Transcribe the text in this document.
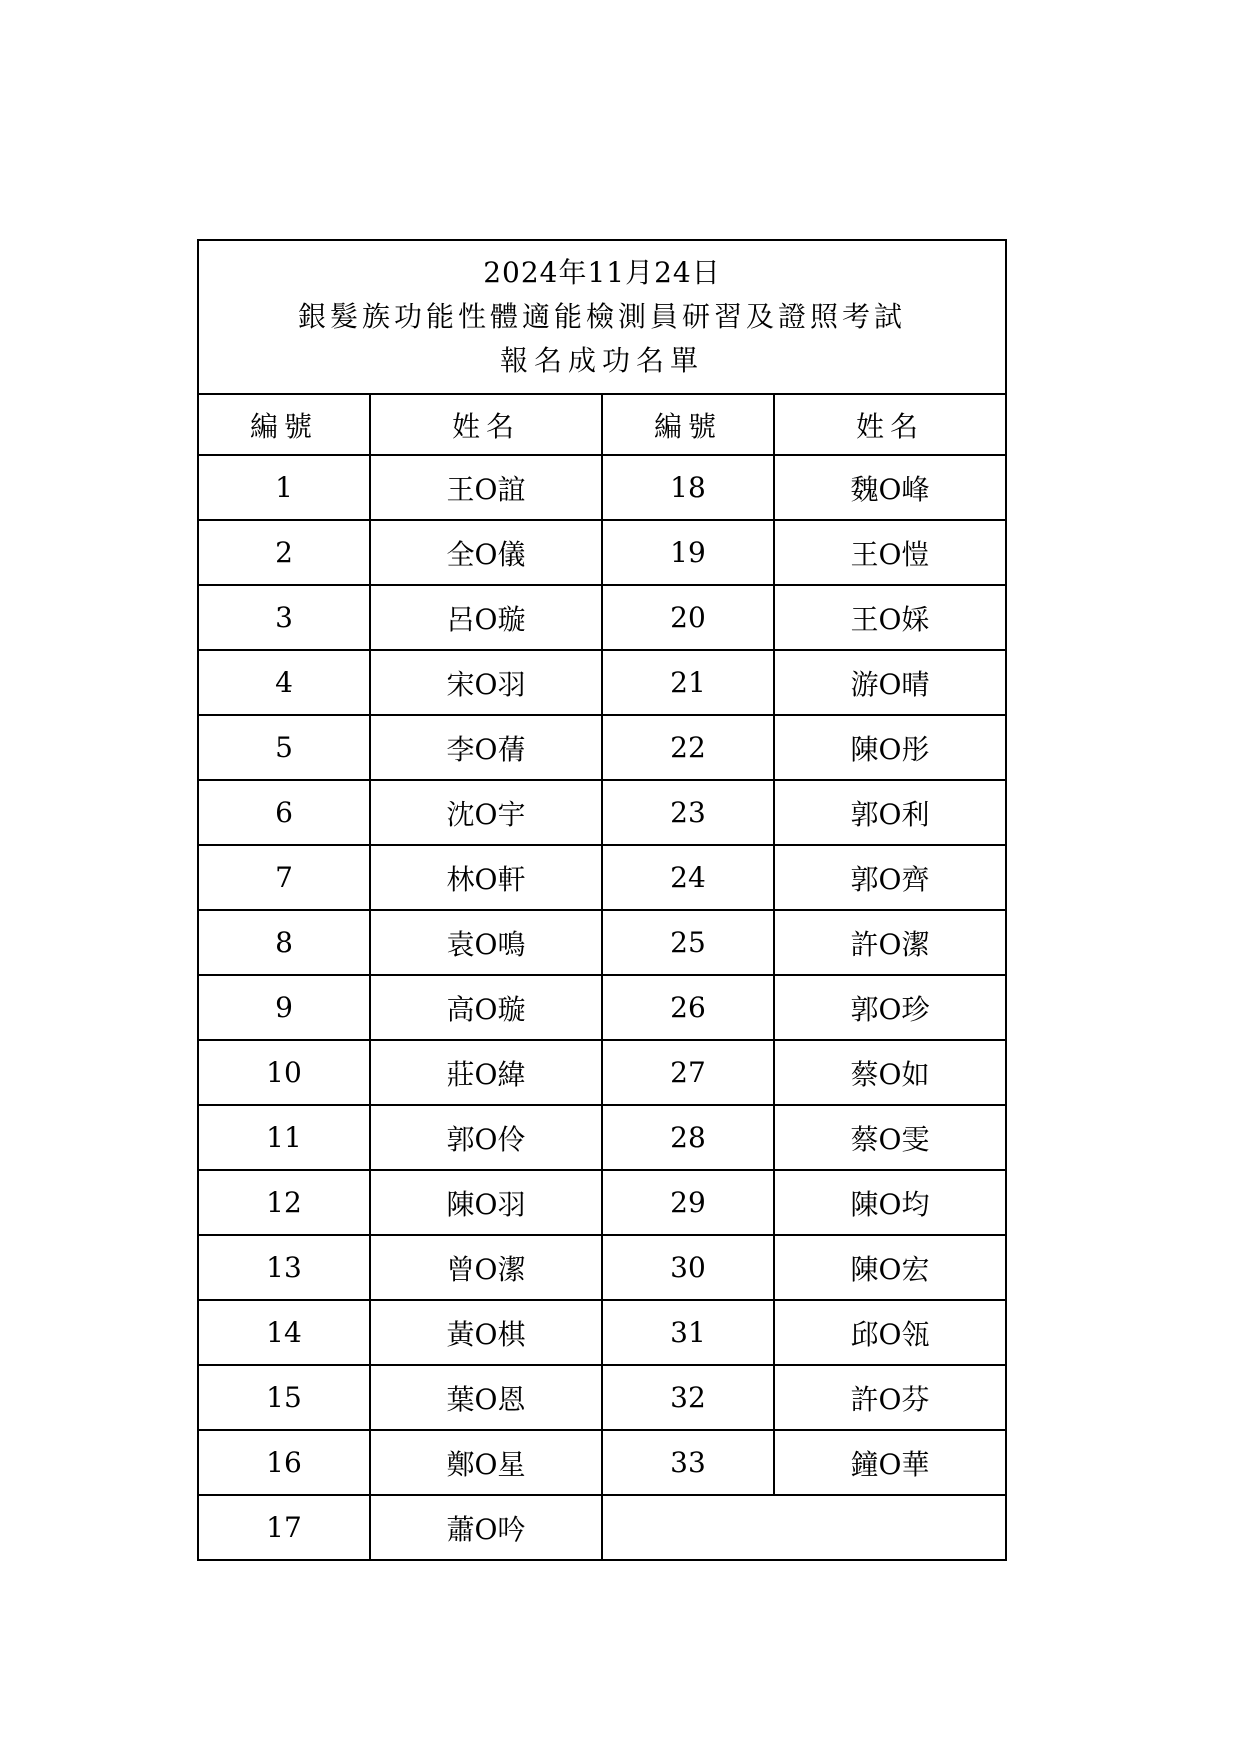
2024年11月24日
銀髮族功能性體適能檢測員研習及證照考試
報名成功名單			

編號	姓名	編號	姓名
1	王O誼	18	魏O峰
2	全O儀	19	王O愷
3	呂O璇	20	王O婇
4	宋O羽	21	游O晴
5	李O蒨	22	陳O彤
6	沈O宇	23	郭O利
7	林O軒	24	郭O齊
8	袁O鳴	25	許O潔
9	高O璇	26	郭O珍
10	莊O緯	27	蔡O如
11	郭O伶	28	蔡O雯
12	陳O羽	29	陳O均
13	曾O潔	30	陳O宏
14	黃O棋	31	邱O瓴
15	葉O恩	32	許O芬
16	鄭O星	33	鐘O華
17	蕭O吟		
